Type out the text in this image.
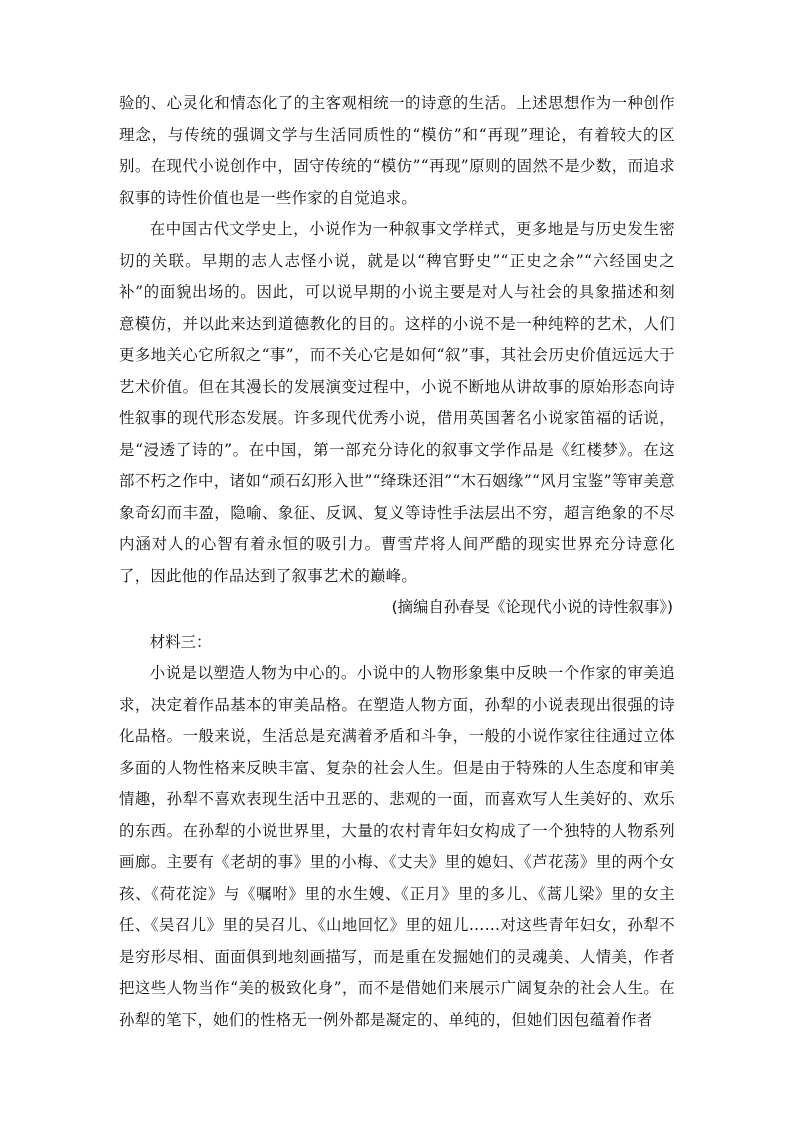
验的、心灵化和情态化了的主客观相统一的诗意的生活。上述思想作为一种创作理念，与传统的强调文学与生活同质性的“模仿”和“再现”理论，有着较大的区别。在现代小说创作中，固守传统的“模仿”“再现”原则的固然不是少数，而追求叙事的诗性价值也是一些作家的自觉追求。

在中国古代文学史上，小说作为一种叙事文学样式，更多地是与历史发生密切的关联。早期的志人志怪小说，就是以“稗官野史”“正史之余”“六经国史之补”的面貌出场的。因此，可以说早期的小说主要是对人与社会的具象描述和刻意模仿，并以此来达到道德教化的目的。这样的小说不是一种纯粹的艺术，人们更多地关心它所叙之“事”，而不关心它是如何“叙”事，其社会历史价值远远大于艺术价值。但在其漫长的发展演变过程中，小说不断地从讲故事的原始形态向诗性叙事的现代形态发展。许多现代优秀小说，借用英国著名小说家笛福的话说，是“浸透了诗的”。在中国，第一部充分诗化的叙事文学作品是《红楼梦》。在这部不朽之作中，诸如“顽石幻形入世”“绛珠还泪”“木石姻缘”“风月宝鉴”等审美意象奇幻而丰盈，隐喻、象征、反讽、复义等诗性手法层出不穷，超言绝象的不尽内涵对人的心智有着永恒的吸引力。曹雪芹将人间严酷的现实世界充分诗意化了，因此他的作品达到了叙事艺术的巅峰。

(摘编自孙春旻《论现代小说的诗性叙事》)

材料三：

小说是以塑造人物为中心的。小说中的人物形象集中反映一个作家的审美追求，决定着作品基本的审美品格。在塑造人物方面，孙犁的小说表现出很强的诗化品格。一般来说，生活总是充满着矛盾和斗争，一般的小说作家往往通过立体多面的人物性格来反映丰富、复杂的社会人生。但是由于特殊的人生态度和审美情趣，孙犁不喜欢表现生活中丑恶的、悲观的一面，而喜欢写人生美好的、欢乐的东西。在孙犁的小说世界里，大量的农村青年妇女构成了一个独特的人物系列画廊。主要有《老胡的事》里的小梅、《丈夫》里的媳妇、《芦花荡》里的两个女孩、《荷花淀》与《嘱咐》里的水生嫂、《正月》里的多儿、《蒿儿梁》里的女主任、《吴召儿》里的吴召儿、《山地回忆》里的妞儿……对这些青年妇女，孙犁不是穷形尽相、面面俱到地刻画描写，而是重在发掘她们的灵魂美、人情美，作者把这些人物当作“美的极致化身”，而不是借她们来展示广阔复杂的社会人生。在孙犁的笔下，她们的性格无一例外都是凝定的、单纯的，但她们因包蕴着作者
